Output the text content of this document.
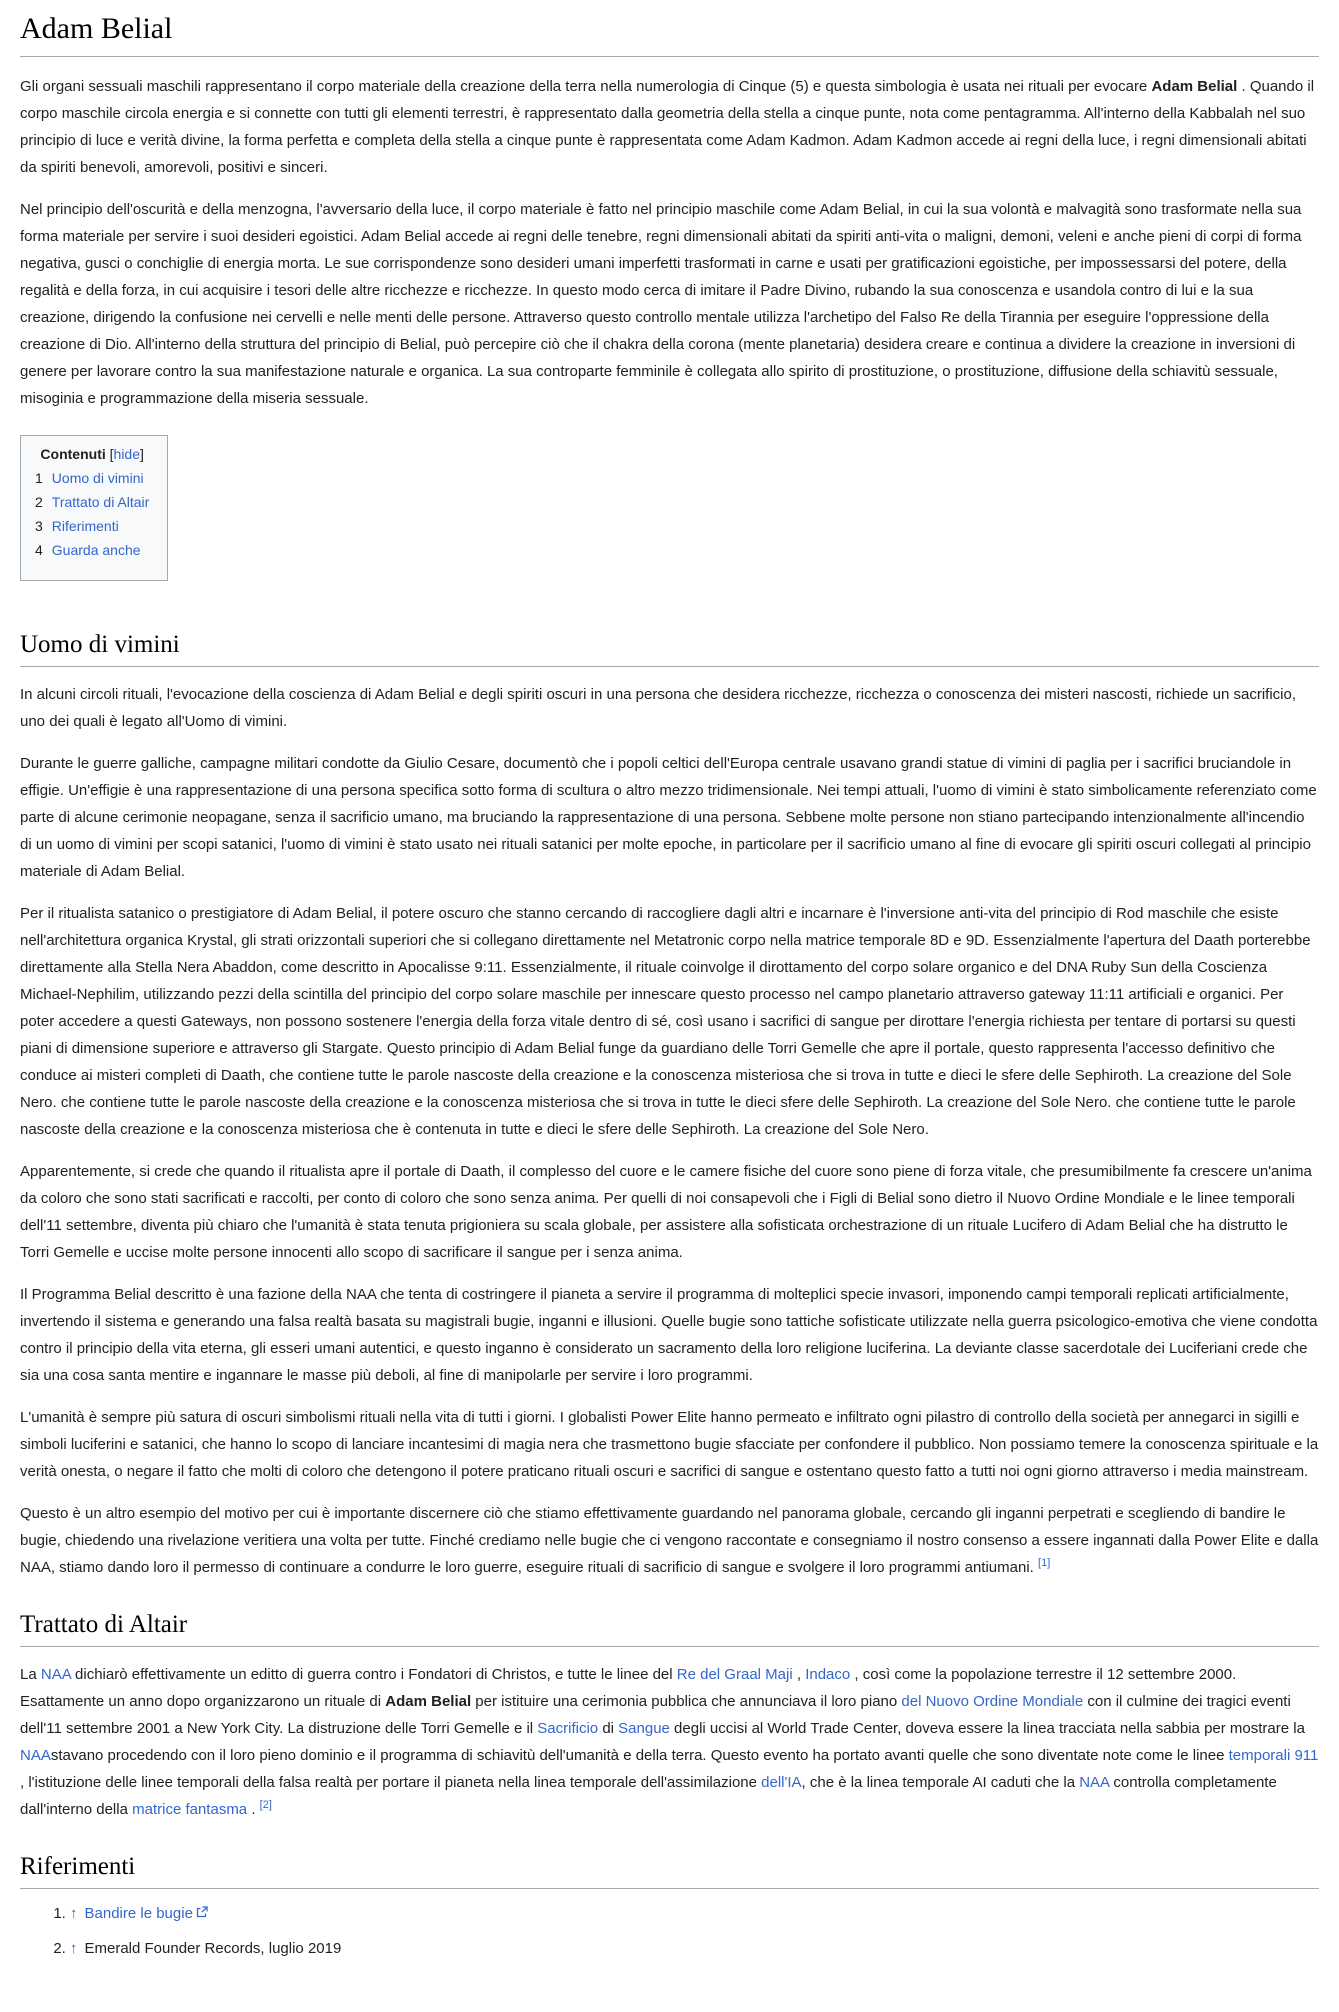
Adam Belial

Gli organi sessuali maschili rappresentano il corpo materiale della creazione della terra nella numerologia di Cinque (5) e questa simbologia è usata nei rituali per evocare Adam Belial . Quando il corpo maschile circola energia e si connette con tutti gli elementi terrestri, è rappresentato dalla geometria della stella a cinque punte, nota come pentagramma. All'interno della Kabbalah nel suo principio di luce e verità divine, la forma perfetta e completa della stella a cinque punte è rappresentata come Adam Kadmon. Adam Kadmon accede ai regni della luce, i regni dimensionali abitati da spiriti benevoli, amorevoli, positivi e sinceri.

Nel principio dell'oscurità e della menzogna, l'avversario della luce, il corpo materiale è fatto nel principio maschile come Adam Belial, in cui la sua volontà e malvagità sono trasformate nella sua forma materiale per servire i suoi desideri egoistici. Adam Belial accede ai regni delle tenebre, regni dimensionali abitati da spiriti anti-vita o maligni, demoni, veleni e anche pieni di corpi di forma negativa, gusci o conchiglie di energia morta. Le sue corrispondenze sono desideri umani imperfetti trasformati in carne e usati per gratificazioni egoistiche, per impossessarsi del potere, della regalità e della forza, in cui acquisire i tesori delle altre ricchezze e ricchezze. In questo modo cerca di imitare il Padre Divino, rubando la sua conoscenza e usandola contro di lui e la sua creazione, dirigendo la confusione nei cervelli e nelle menti delle persone. Attraverso questo controllo mentale utilizza l'archetipo del Falso Re della Tirannia per eseguire l'oppressione della creazione di Dio. All'interno della struttura del principio di Belial, può percepire ciò che il chakra della corona (mente planetaria) desidera creare e continua a dividere la creazione in inversioni di genere per lavorare contro la sua manifestazione naturale e organica. La sua controparte femminile è collegata allo spirito di prostituzione, o prostituzione, diffusione della schiavitù sessuale, misoginia e programmazione della miseria sessuale.

Contenuti [hide]
1 Uomo di vimini
2 Trattato di Altair
3 Riferimenti
4 Guarda anche
Uomo di vimini

In alcuni circoli rituali, l'evocazione della coscienza di Adam Belial e degli spiriti oscuri in una persona che desidera ricchezze, ricchezza o conoscenza dei misteri nascosti, richiede un sacrificio, uno dei quali è legato all'Uomo di vimini.

Durante le guerre galliche, campagne militari condotte da Giulio Cesare, documentò che i popoli celtici dell'Europa centrale usavano grandi statue di vimini di paglia per i sacrifici bruciandole in effigie. Un'effigie è una rappresentazione di una persona specifica sotto forma di scultura o altro mezzo tridimensionale. Nei tempi attuali, l'uomo di vimini è stato simbolicamente referenziato come parte di alcune cerimonie neopagane, senza il sacrificio umano, ma bruciando la rappresentazione di una persona. Sebbene molte persone non stiano partecipando intenzionalmente all'incendio di un uomo di vimini per scopi satanici, l'uomo di vimini è stato usato nei rituali satanici per molte epoche, in particolare per il sacrificio umano al fine di evocare gli spiriti oscuri collegati al principio materiale di Adam Belial.

Per il ritualista satanico o prestigiatore di Adam Belial, il potere oscuro che stanno cercando di raccogliere dagli altri e incarnare è l'inversione anti-vita del principio di Rod maschile che esiste nell'architettura organica Krystal, gli strati orizzontali superiori che si collegano direttamente nel Metatronic corpo nella matrice temporale 8D e 9D. Essenzialmente l'apertura del Daath porterebbe direttamente alla Stella Nera Abaddon, come descritto in Apocalisse 9:11. Essenzialmente, il rituale coinvolge il dirottamento del corpo solare organico e del DNA Ruby Sun della Coscienza Michael-Nephilim, utilizzando pezzi della scintilla del principio del corpo solare maschile per innescare questo processo nel campo planetario attraverso gateway 11:11 artificiali e organici. Per poter accedere a questi Gateways, non possono sostenere l'energia della forza vitale dentro di sé, così usano i sacrifici di sangue per dirottare l'energia richiesta per tentare di portarsi su questi piani di dimensione superiore e attraverso gli Stargate. Questo principio di Adam Belial funge da guardiano delle Torri Gemelle che apre il portale, questo rappresenta l'accesso definitivo che conduce ai misteri completi di Daath, che contiene tutte le parole nascoste della creazione e la conoscenza misteriosa che si trova in tutte e dieci le sfere delle Sephiroth. La creazione del Sole Nero. che contiene tutte le parole nascoste della creazione e la conoscenza misteriosa che si trova in tutte le dieci sfere delle Sephiroth. La creazione del Sole Nero. che contiene tutte le parole nascoste della creazione e la conoscenza misteriosa che è contenuta in tutte e dieci le sfere delle Sephiroth. La creazione del Sole Nero.

Apparentemente, si crede che quando il ritualista apre il portale di Daath, il complesso del cuore e le camere fisiche del cuore sono piene di forza vitale, che presumibilmente fa crescere un'anima da coloro che sono stati sacrificati e raccolti, per conto di coloro che sono senza anima. Per quelli di noi consapevoli che i Figli di Belial sono dietro il Nuovo Ordine Mondiale e le linee temporali dell'11 settembre, diventa più chiaro che l'umanità è stata tenuta prigioniera su scala globale, per assistere alla sofisticata orchestrazione di un rituale Lucifero di Adam Belial che ha distrutto le Torri Gemelle e uccise molte persone innocenti allo scopo di sacrificare il sangue per i senza anima.

Il Programma Belial descritto è una fazione della NAA che tenta di costringere il pianeta a servire il programma di molteplici specie invasori, imponendo campi temporali replicati artificialmente, invertendo il sistema e generando una falsa realtà basata su magistrali bugie, inganni e illusioni. Quelle bugie sono tattiche sofisticate utilizzate nella guerra psicologico-emotiva che viene condotta contro il principio della vita eterna, gli esseri umani autentici, e questo inganno è considerato un sacramento della loro religione luciferina. La deviante classe sacerdotale dei Luciferiani crede che sia una cosa santa mentire e ingannare le masse più deboli, al fine di manipolarle per servire i loro programmi.

L'umanità è sempre più satura di oscuri simbolismi rituali nella vita di tutti i giorni. I globalisti Power Elite hanno permeato e infiltrato ogni pilastro di controllo della società per annegarci in sigilli e simboli luciferini e satanici, che hanno lo scopo di lanciare incantesimi di magia nera che trasmettono bugie sfacciate per confondere il pubblico. Non possiamo temere la conoscenza spirituale e la verità onesta, o negare il fatto che molti di coloro che detengono il potere praticano rituali oscuri e sacrifici di sangue e ostentano questo fatto a tutti noi ogni giorno attraverso i media mainstream.

Questo è un altro esempio del motivo per cui è importante discernere ciò che stiamo effettivamente guardando nel panorama globale, cercando gli inganni perpetrati e scegliendo di bandire le bugie, chiedendo una rivelazione veritiera una volta per tutte. Finché crediamo nelle bugie che ci vengono raccontate e consegniamo il nostro consenso a essere ingannati dalla Power Elite e dalla NAA, stiamo dando loro il permesso di continuare a condurre le loro guerre, eseguire rituali di sacrificio di sangue e svolgere il loro programmi antiumani. [1]

Trattato di Altair

La NAA dichiarò effettivamente un editto di guerra contro i Fondatori di Christos, e tutte le linee del Re del Graal Maji , Indaco , così come la popolazione terrestre il 12 settembre 2000. Esattamente un anno dopo organizzarono un rituale di Adam Belial per istituire una cerimonia pubblica che annunciava il loro piano del Nuovo Ordine Mondiale con il culmine dei tragici eventi dell'11 settembre 2001 a New York City. La distruzione delle Torri Gemelle e il Sacrificio di Sangue degli uccisi al World Trade Center, doveva essere la linea tracciata nella sabbia per mostrare la NAAstavano procedendo con il loro pieno dominio e il programma di schiavitù dell'umanità e della terra. Questo evento ha portato avanti quelle che sono diventate note come le linee temporali 911 , l'istituzione delle linee temporali della falsa realtà per portare il pianeta nella linea temporale dell'assimilazione dell'IA, che è la linea temporale AI caduti che la NAA controlla completamente dall'interno della matrice fantasma . [2]

Riferimenti
1. ↑ Bandire le bugie
2. ↑ Emerald Founder Records, luglio 2019
